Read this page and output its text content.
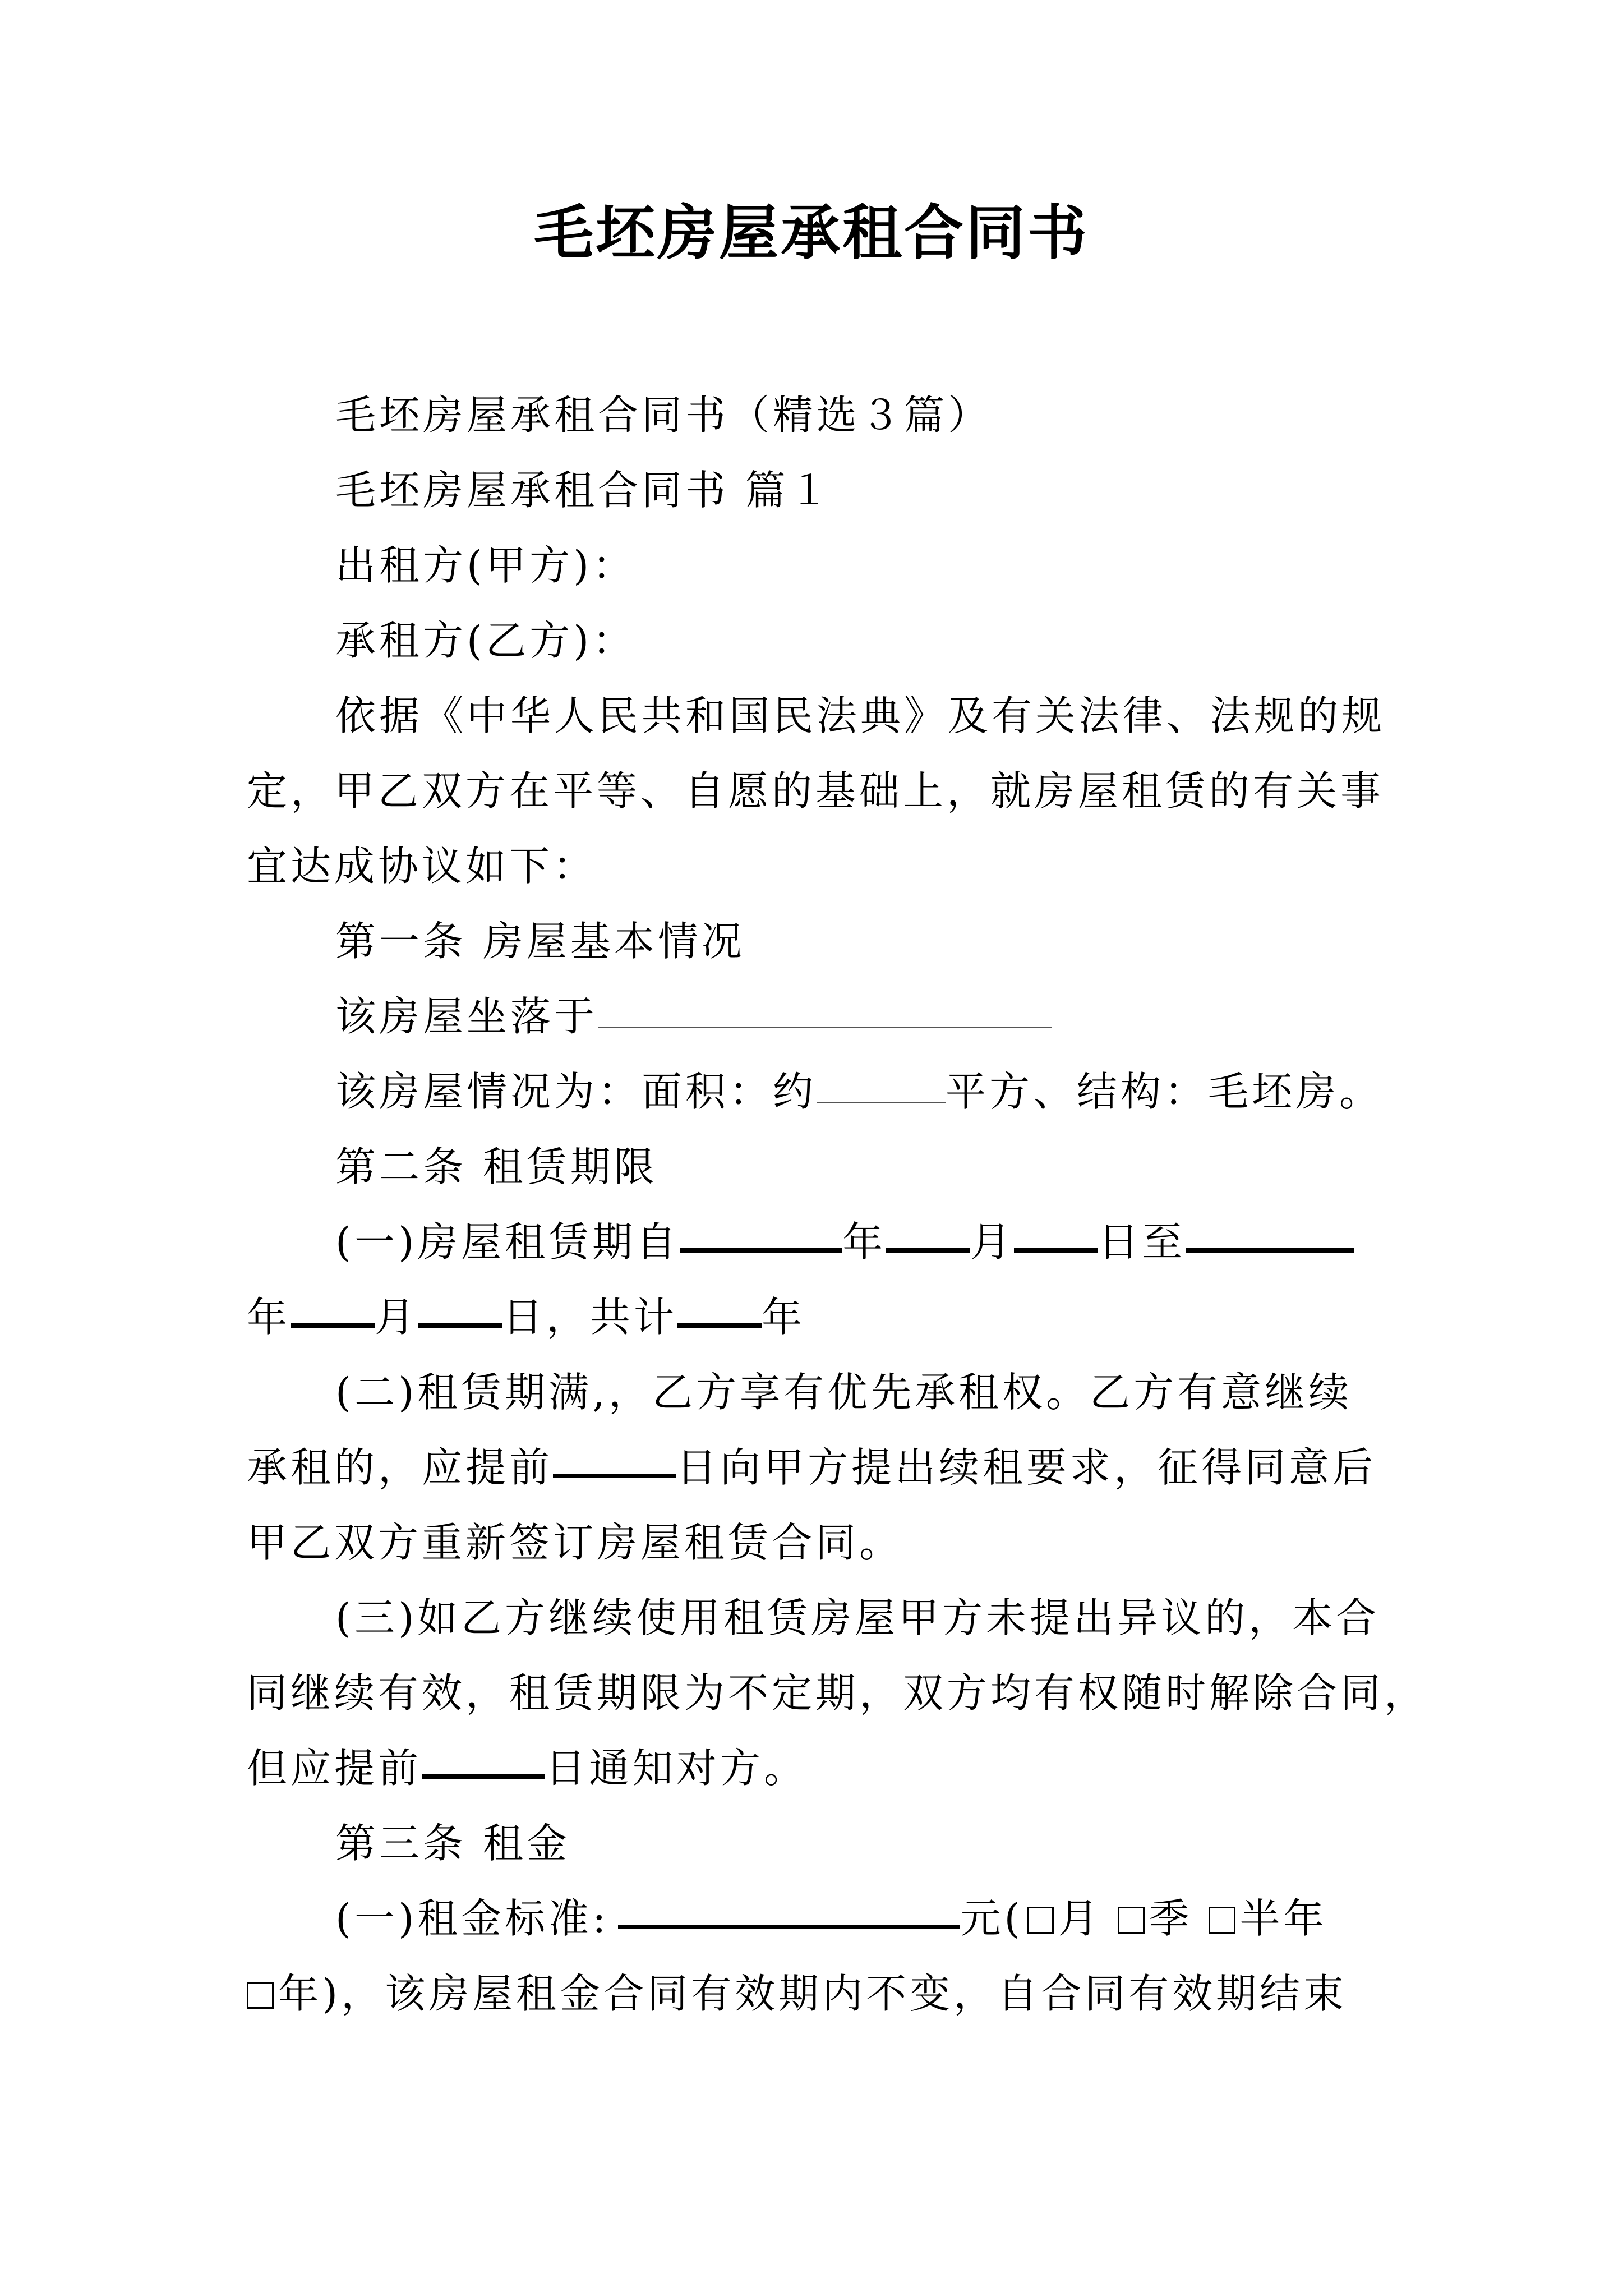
毛坯房屋承租合同书
毛坯房屋承租合同书（精选３篇）
毛坯房屋承租合同书 篇１
出租方(甲方)：
承租方(乙方)：
依据《中华人民共和国民法典》及有关法律、法规的规
定，甲乙双方在平等、自愿的基础上，就房屋租赁的有关事
宜达成协议如下：
第一条 房屋基本情况
该房屋坐落于
该房屋情况为：面积：约	平方、结构：毛坯房。
第二条 租赁期限
(一)房屋租赁期自	年 月 日至
年 月 日，共计 年
(二)租赁期满,，乙方享有优先承租权。乙方有意继续
承租的，应提前	日向甲方提出续租要求，征得同意后
甲乙双方重新签订房屋租赁合同。
(三)如乙方继续使用租赁房屋甲方未提出异议的，本合
同继续有效，租赁期限为不定期，双方均有权随时解除合同，
但应提前	日通知对方。
第三条 租金
(一)租金标准:	元( 月 季 半年
年)，该房屋租金合同有效期内不变，自合同有效期结束
